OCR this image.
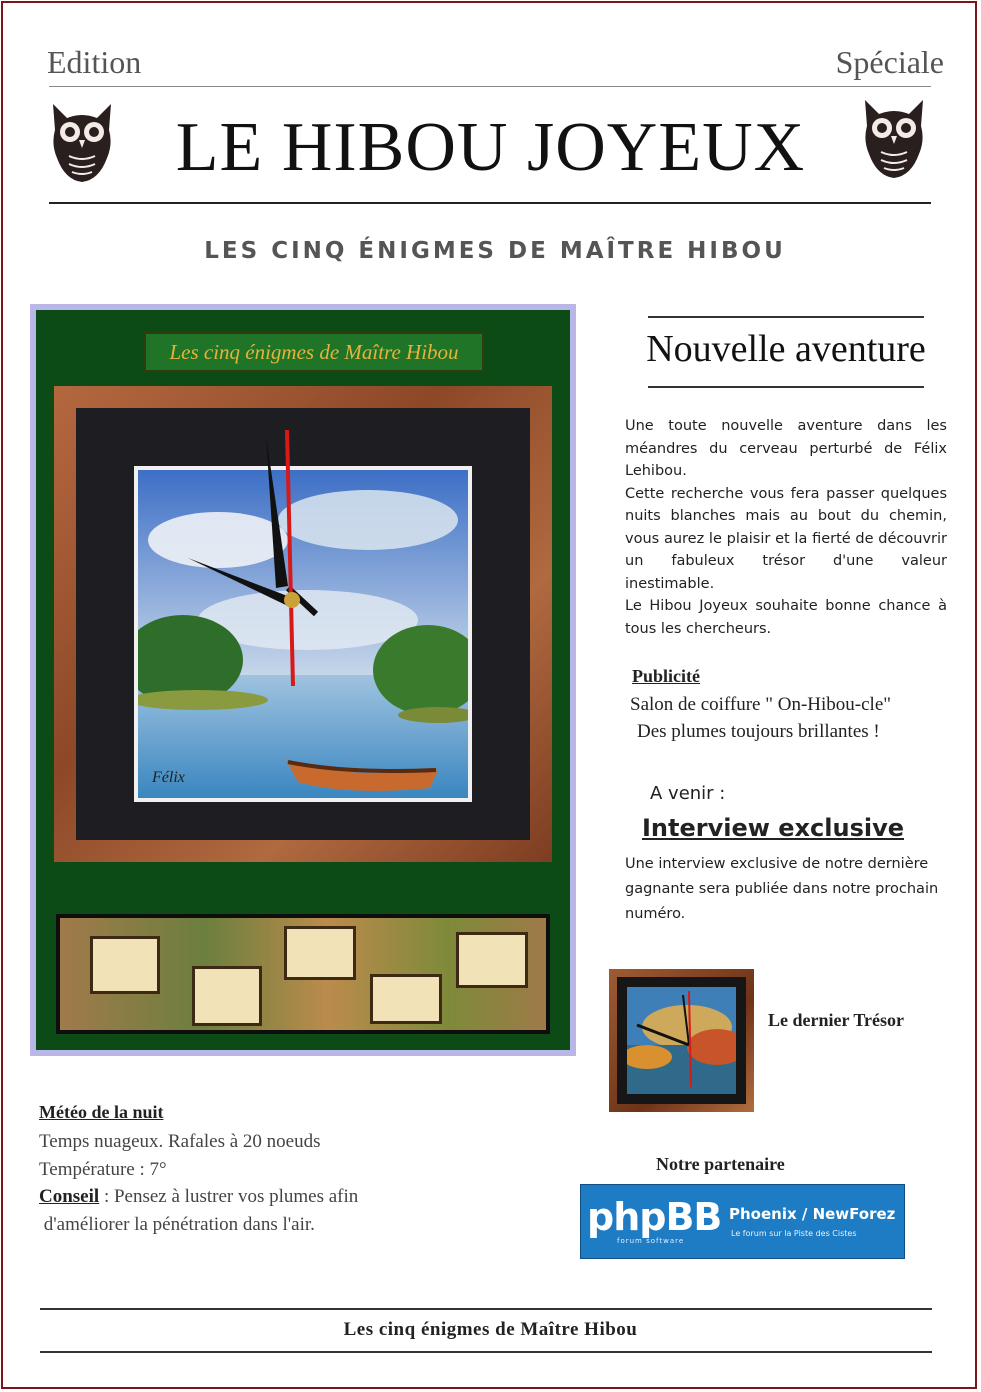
Edition	Spéciale
LE HIBOU JOYEUX
LES CINQ ÉNIGMES DE MAÎTRE HIBOU
Les cinq énigmes de Maître Hibou
Félix
Nouvelle aventure

Une toute nouvelle aventure dans les méandres du cerveau perturbé de Félix Lehibou.

Cette recherche vous fera passer quelques nuits blanches mais au bout du chemin, vous aurez le plaisir et la fierté de découvrir un fabuleux trésor d'une valeur inestimable.

Le Hibou Joyeux souhaite bonne chance à tous les chercheurs.

Publicité
Salon de coiffure " On-Hibou-cle"
Des plumes toujours brillantes !
A venir :
Interview exclusive
Une interview exclusive de notre dernière gagnante sera publiée dans notre prochain numéro.
Le dernier Trésor
Notre partenaire
phpBB
forum software
Phoenix / NewForez
Le forum sur la Piste des Cistes
Météo de la nuit
Temps nuageux. Rafales à 20 noeuds
Température : 7°
Conseil : Pensez à lustrer vos plumes afin
d'améliorer la pénétration dans l'air.
Les cinq énigmes de Maître Hibou
